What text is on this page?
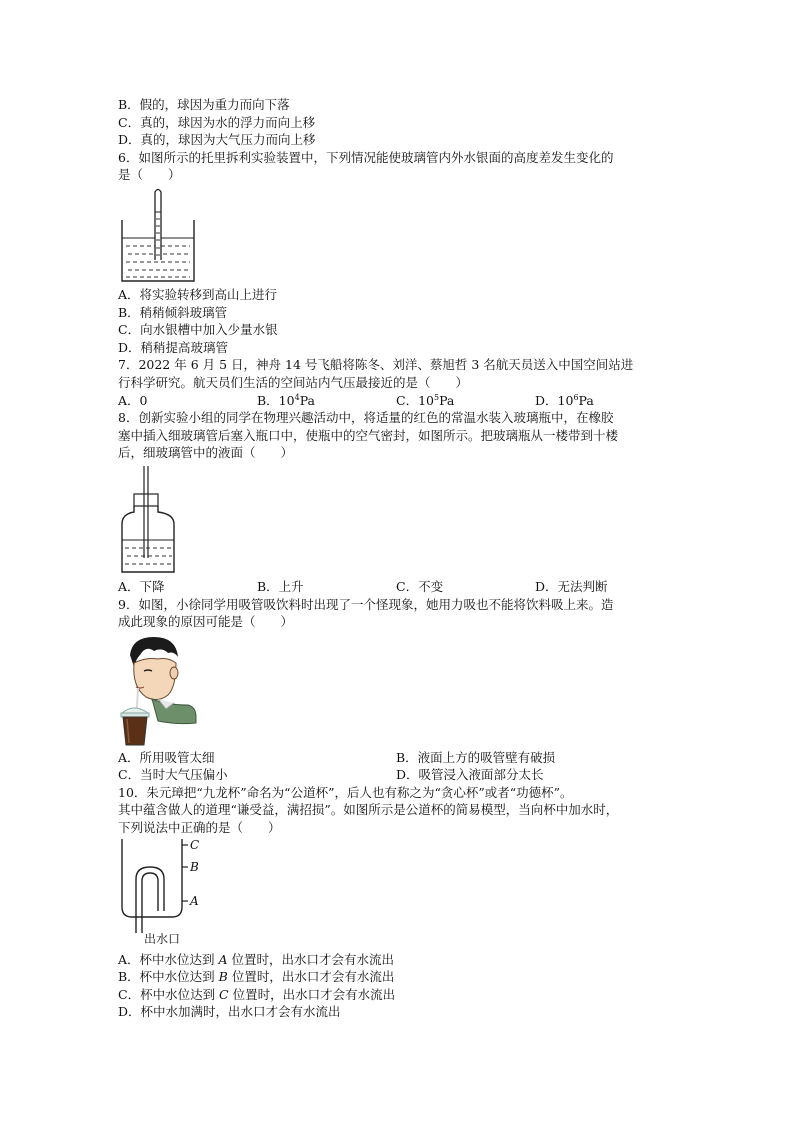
B．假的，球因为重力而向下落
C．真的，球因为水的浮力而向上移
D．真的，球因为大气压力而向上移
6．如图所示的托里拆利实验装置中，下列情况能使玻璃管内外水银面的高度差发生变化的
是（　　）
A．将实验转移到高山上进行
B．稍稍倾斜玻璃管
C．向水银槽中加入少量水银
D．稍稍提高玻璃管
7．2022 年 6 月 5 日，神舟 14 号飞船将陈冬、刘洋、蔡旭哲 3 名航天员送入中国空间站进
行科学研究。航天员们生活的空间站内气压最接近的是（　　）
A．0	B．$10^4Pa$	C．$10^5Pa$	D．$10^6Pa$
8．创新实验小组的同学在物理兴趣活动中，将适量的红色的常温水装入玻璃瓶中，在橡胶
塞中插入细玻璃管后塞入瓶口中，使瓶中的空气密封，如图所示。把玻璃瓶从一楼带到十楼
后，细玻璃管中的液面（　　）
A．下降	B．上升	C．不变	D．无法判断
9．如图，小徐同学用吸管吸饮料时出现了一个怪现象，她用力吸也不能将饮料吸上来。造
成此现象的原因可能是（　　）
A．所用吸管太细	B．液面上方的吸管壁有破损
C．当时大气压偏小	D．吸管浸入液面部分太长
10．朱元璋把“九龙杯”命名为“公道杯”，后人也有称之为“贪心杯”或者“功德杯”。
其中蕴含做人的道理“谦受益，满招损”。如图所示是公道杯的简易模型，当向杯中加水时，
下列说法中正确的是（　　）
C
B
A
出水口
A．杯中水位达到 A 位置时，出水口才会有水流出
B．杯中水位达到 B 位置时，出水口才会有水流出
C．杯中水位达到 C 位置时，出水口才会有水流出
D．杯中水加满时，出水口才会有水流出
